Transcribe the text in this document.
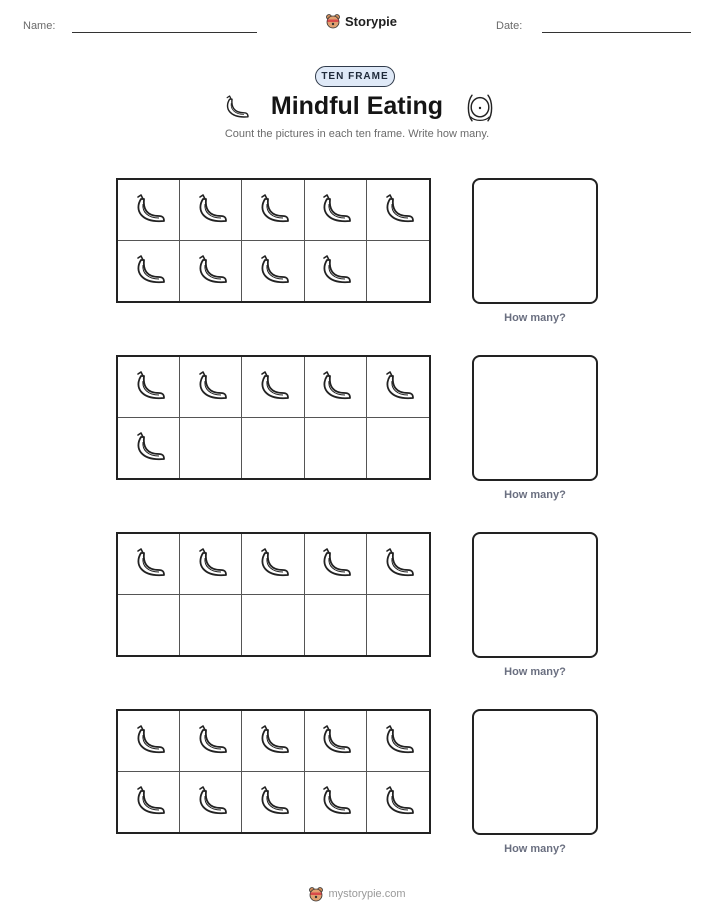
Name:	Storypie	Date:
TEN FRAME
Mindful Eating
Count the pictures in each ten frame. Write how many.
How many?
How many?
How many?
How many?
mystorypie.com
